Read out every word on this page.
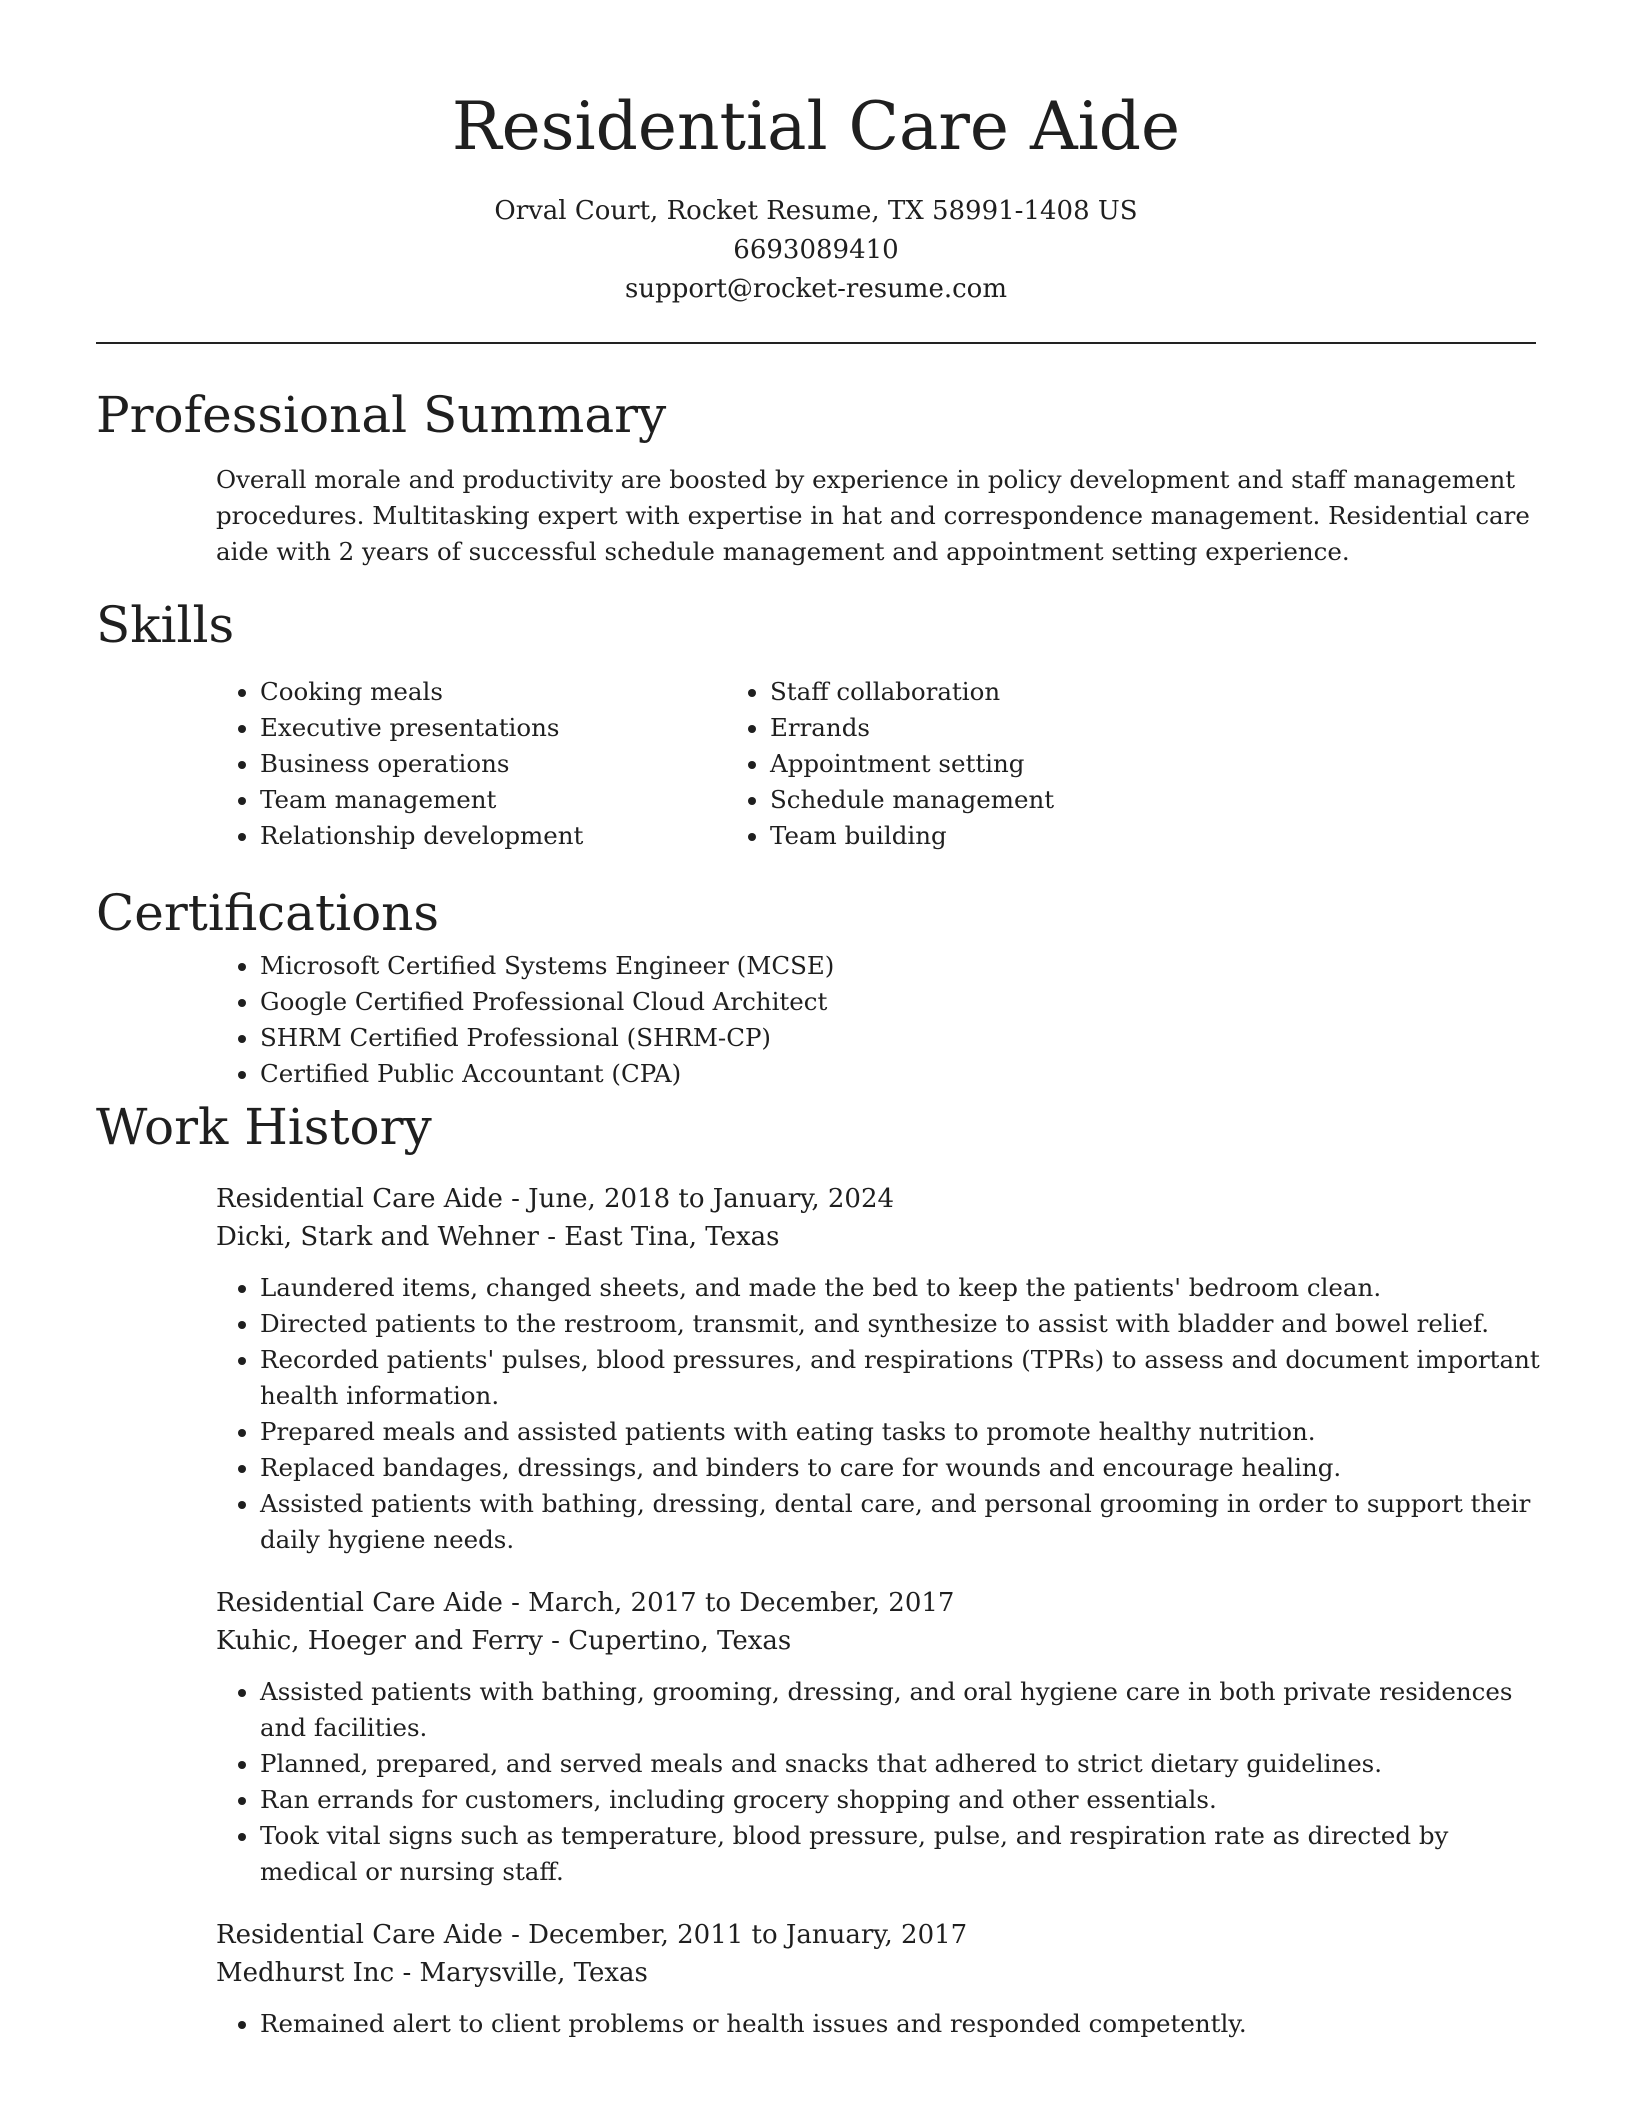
Residential Care Aide
Orval Court, Rocket Resume, TX 58991-1408 US
6693089410
support@rocket-resume.com
Professional Summary

Overall morale and productivity are boosted by experience in policy development and staff management procedures. Multitasking expert with expertise in hat and correspondence management. Residential care aide with 2 years of successful schedule management and appointment setting experience.

Skills
• Cooking meals
• Executive presentations
• Business operations
• Team management
• Relationship development
• Staff collaboration
• Errands
• Appointment setting
• Schedule management
• Team building
Certifications
• Microsoft Certified Systems Engineer (MCSE)
• Google Certified Professional Cloud Architect
• SHRM Certified Professional (SHRM-CP)
• Certified Public Accountant (CPA)
Work History
Residential Care Aide - June, 2018 to January, 2024
Dicki, Stark and Wehner - East Tina, Texas
• Laundered items, changed sheets, and made the bed to keep the patients' bedroom clean.
• Directed patients to the restroom, transmit, and synthesize to assist with bladder and bowel relief.
• Recorded patients' pulses, blood pressures, and respirations (TPRs) to assess and document important health information.
• Prepared meals and assisted patients with eating tasks to promote healthy nutrition.
• Replaced bandages, dressings, and binders to care for wounds and encourage healing.
• Assisted patients with bathing, dressing, dental care, and personal grooming in order to support their daily hygiene needs.
Residential Care Aide - March, 2017 to December, 2017
Kuhic, Hoeger and Ferry - Cupertino, Texas
• Assisted patients with bathing, grooming, dressing, and oral hygiene care in both private residences and facilities.
• Planned, prepared, and served meals and snacks that adhered to strict dietary guidelines.
• Ran errands for customers, including grocery shopping and other essentials.
• Took vital signs such as temperature, blood pressure, pulse, and respiration rate as directed by medical or nursing staff.
Residential Care Aide - December, 2011 to January, 2017
Medhurst Inc - Marysville, Texas
• Remained alert to client problems or health issues and responded competently.
